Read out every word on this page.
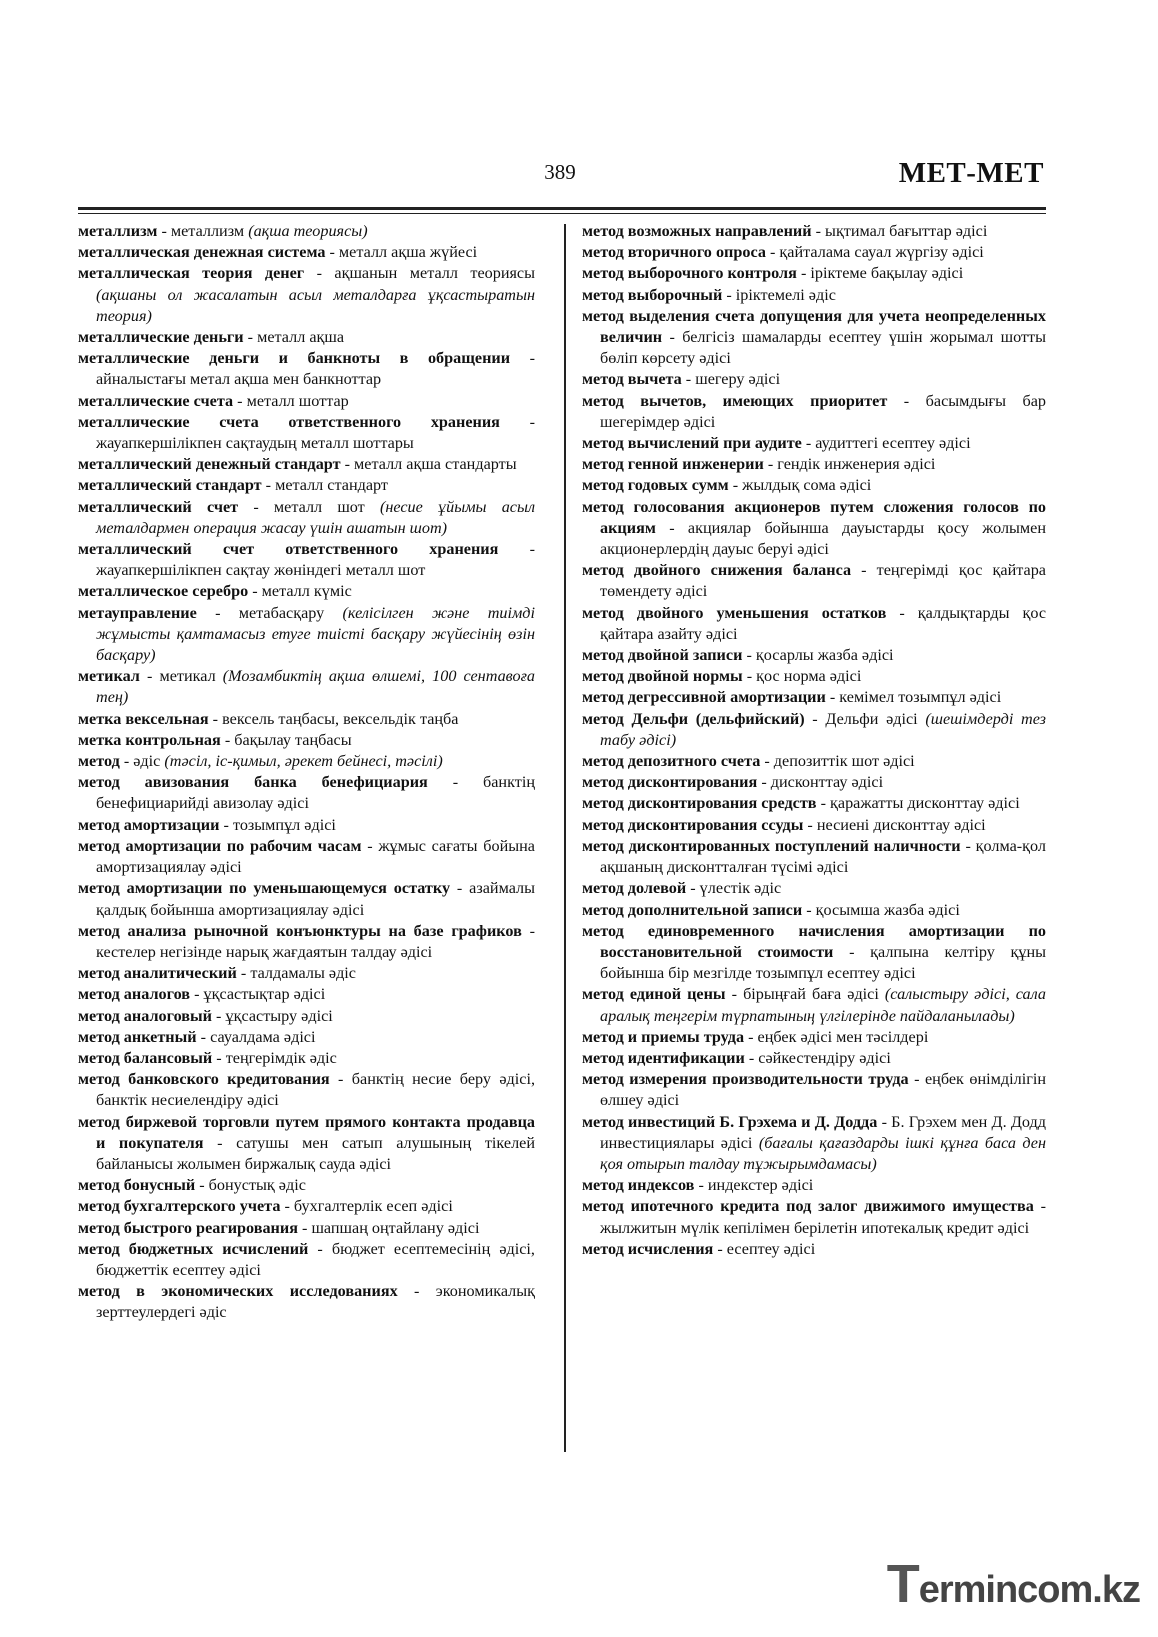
389	МЕТ-МЕТ

металлизм - металлизм (ақша теориясы)

металлическая денежная система - металл ақша жүйесі

металлическая теория денег - ақшанын металл теориясы (ақшаны ол жасалатын асыл металдарға ұқсастыратын теория)

металлические деньги - металл ақша

металлические деньги и банкноты в обращении - айналыстағы метал ақша мен банкноттар

металлические счета - металл шоттар

металлические счета ответственного хранения - жауапкершілікпен сақтаудың металл шоттары

металлический денежный стандарт - металл ақша стандарты

металлический стандарт - металл стандарт

металлический счет - металл шот (несие ұйымы асыл металдармен операция жасау үшін ашатын шот)

металлический счет ответственного хранения - жауапкершілікпен сақтау жөніндегі металл шот

металлическое серебро - металл күміс

метауправление - метабасқару (келісілген және тиімді жұмысты қамтамасыз етуге тиісті басқару жүйесінің өзін басқару)

метикал - метикал (Мозамбиктің ақша өлшемі, 100 сентавоға тең)

метка вексельная - вексель таңбасы, вексельдік таңба

метка контрольная - бақылау таңбасы

метод - әдіс (тәсіл, іс-қимыл, әрекет бейнесі, тәсілі)

метод авизования банка бенефициария - банктің бенефициарийді авизолау әдісі

метод амортизации - тозымпұл әдісі

метод амортизации по рабочим часам - жұмыс сағаты бойына амортизациялау әдісі

метод амортизации по уменьшающемуся остатку - азаймалы қалдық бойынша амортизациялау әдісі

метод анализа рыночной конъюнктуры на базе графиков - кестелер негізінде нарық жағдаятын талдау әдісі

метод аналитический - талдамалы әдіс

метод аналогов - ұқсастықтар әдісі

метод аналоговый - ұқсастыру әдісі

метод анкетный - сауалдама әдісі

метод балансовый - теңгерімдік әдіс

метод банковского кредитования - банктің несие беру әдісі, банктік несиелендіру әдісі

метод биржевой торговли путем прямого контакта продавца и покупателя - сатушы мен сатып алушының тікелей байланысы жолымен биржалық сауда әдісі

метод бонусный - бонустық әдіс

метод бухгалтерского учета - бухгалтерлік есеп әдісі

метод быстрого реагирования - шапшаң оңтайлану әдісі

метод бюджетных исчислений - бюджет есептемесінің әдісі, бюджеттік есептеу әдісі

метод в экономических исследованиях - экономикалық зерттеулердегі әдіс

метод возможных направлений - ықтимал бағыттар әдісі

метод вторичного опроса - қайталама сауал жүргізу әдісі

метод выборочного контроля - іріктеме бақылау әдісі

метод выборочный - іріктемелі әдіс

метод выделения счета допущения для учета неопределенных величин - белгісіз шамаларды есептеу үшін жорымал шотты бөліп көрсету әдісі

метод вычета - шегеру әдісі

метод вычетов, имеющих приоритет - басымдығы бар шегерімдер әдісі

метод вычислений при аудите - аудиттегі есептеу әдісі

метод генной инженерии - гендік инженерия әдісі

метод годовых сумм - жылдық сома әдісі

метод голосования акционеров путем сложения голосов по акциям - акциялар бойынша дауыстарды қосу жолымен акционерлердің дауыс беруі әдісі

метод двойного снижения баланса - теңгерімді қос қайтара төмендету әдісі

метод двойного уменьшения остатков - қалдықтарды қос қайтара азайту әдісі

метод двойной записи - қосарлы жазба әдісі

метод двойной нормы - қос норма әдісі

метод дегрессивной амортизации - кемімел тозымпұл әдісі

метод Дельфи (дельфийский) - Дельфи әдісі (шешімдерді тез табу әдісі)

метод депозитного счета - депозиттік шот әдісі

метод дисконтирования - дисконттау әдісі

метод дисконтирования средств - қаражатты дисконттау әдісі

метод дисконтирования ссуды - несиені дисконттау әдісі

метод дисконтированных поступлений наличности - қолма-қол ақшаның дисконтталған түсімі әдісі

метод долевой - үлестік әдіс

метод дополнительной записи - қосымша жазба әдісі

метод единовременного начисления амортизации по восстановительной стоимости - қалпына келтіру құны бойынша бір мезгілде тозымпұл есептеу әдісі

метод единой цены - бірыңғай баға әдісі (салыстыру әдісі, сала аралық теңгерім түрпатының үлгілерінде пайдаланылады)

метод и приемы труда - еңбек әдісі мен тәсілдері

метод идентификации - сәйкестендіру әдісі

метод измерения производительности труда - еңбек өнімділігін өлшеу әдісі

метод инвестиций Б. Грэхема и Д. Додда - Б. Грэхем мен Д. Додд инвестициялары әдісі (бағалы қағаздарды ішкі құнға баса ден қоя отырып талдау тұжырымдамасы)

метод индексов - индекстер әдісі

метод ипотечного кредита под залог движимого имущества - жылжитын мүлік кепілімен берілетін ипотекалық кредит әдісі

метод исчисления - есептеу әдісі

Termincom.kz
